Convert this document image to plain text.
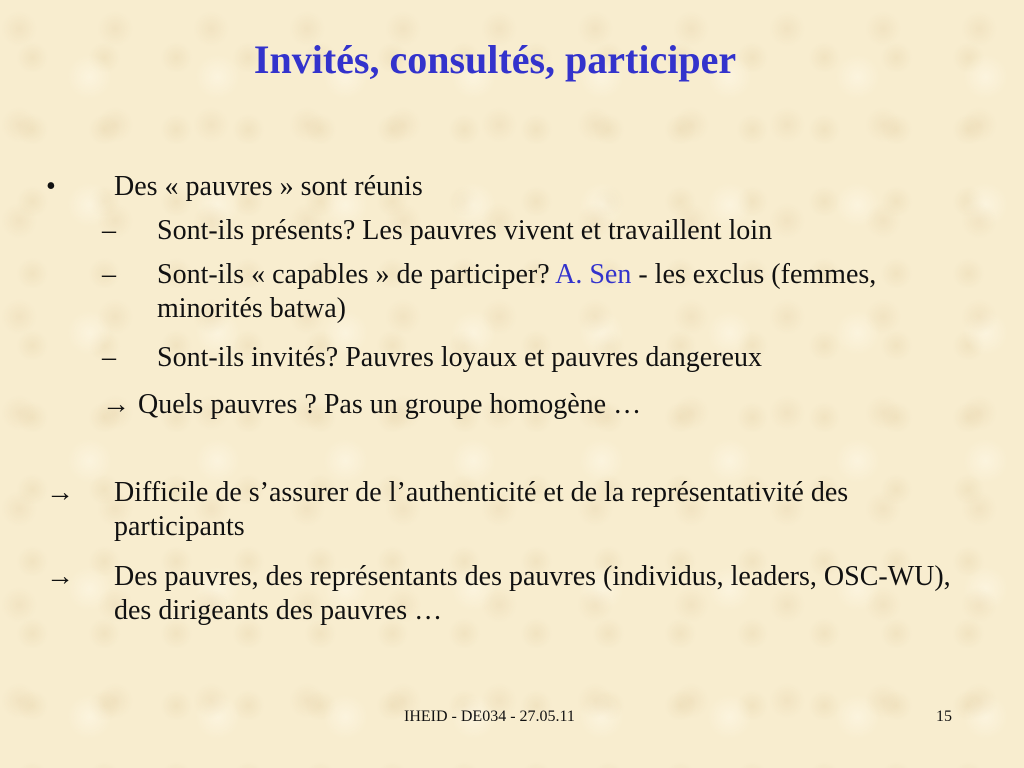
Invités, consultés, participer
• Des « pauvres » sont réunis
– Sont-ils présents? Les pauvres vivent et travaillent loin
– Sont-ils « capables » de participer? A. Sen - les exclus (femmes, minorités batwa)
– Sont-ils invités? Pauvres loyaux et pauvres dangereux
→ Quels pauvres ? Pas un groupe homogène …
→ Difficile de s’assurer de l’authenticité et de la représentativité des participants
→ Des pauvres, des représentants des pauvres (individus, leaders, OSC-WU), des dirigeants des pauvres …
IHEID - DE034 - 27.05.11	15
